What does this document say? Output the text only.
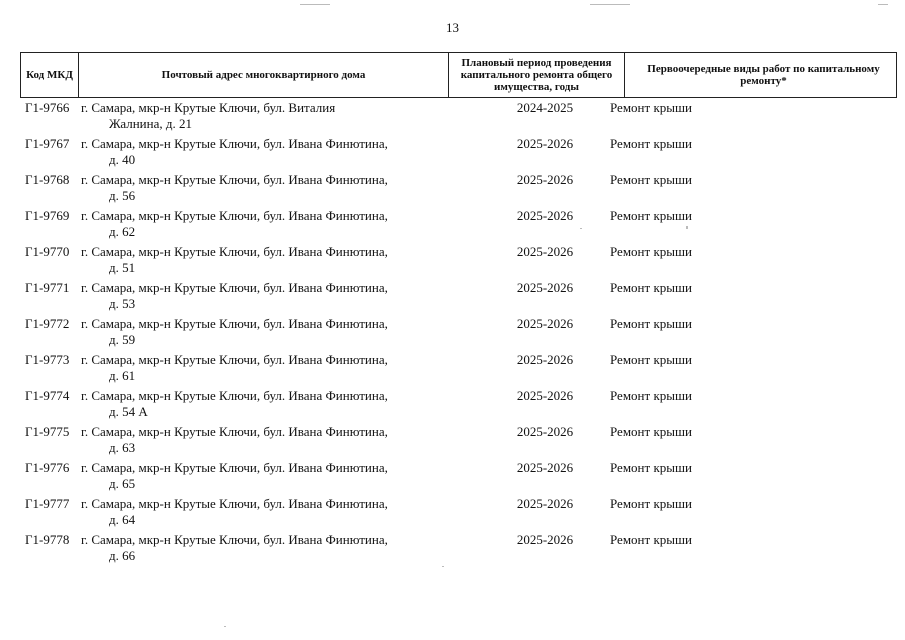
13
Код МКД	Почтовый адрес многоквартирного дома
Плановый период проведения капитального ремонта общего имущества, годы
Первоочередные виды работ по капитальному ремонту*
Г1-9766 г. Самара, мкр-н Крутые Ключи, бул. Виталия
Жалнина, д. 21
2024-2025	Ремонт крыши
Г1-9767 г. Самара, мкр-н Крутые Ключи, бул. Ивана Финютина,
д. 40
2025-2026	Ремонт крыши
Г1-9768 г. Самара, мкр-н Крутые Ключи, бул. Ивана Финютина,
д. 56
2025-2026	Ремонт крыши
Г1-9769 г. Самара, мкр-н Крутые Ключи, бул. Ивана Финютина,
д. 62
2025-2026	Ремонт крыши
Г1-9770 г. Самара, мкр-н Крутые Ключи, бул. Ивана Финютина,
д. 51
2025-2026	Ремонт крыши
Г1-9771 г. Самара, мкр-н Крутые Ключи, бул. Ивана Финютина,
д. 53
2025-2026	Ремонт крыши
Г1-9772 г. Самара, мкр-н Крутые Ключи, бул. Ивана Финютина,
д. 59
2025-2026	Ремонт крыши
Г1-9773 г. Самара, мкр-н Крутые Ключи, бул. Ивана Финютина,
д. 61
2025-2026	Ремонт крыши
Г1-9774 г. Самара, мкр-н Крутые Ключи, бул. Ивана Финютина,
д. 54 А
2025-2026	Ремонт крыши
Г1-9775 г. Самара, мкр-н Крутые Ключи, бул. Ивана Финютина,
д. 63
2025-2026	Ремонт крыши
Г1-9776 г. Самара, мкр-н Крутые Ключи, бул. Ивана Финютина,
д. 65
2025-2026	Ремонт крыши
Г1-9777 г. Самара, мкр-н Крутые Ключи, бул. Ивана Финютина,
д. 64
2025-2026	Ремонт крыши
Г1-9778 г. Самара, мкр-н Крутые Ключи, бул. Ивана Финютина,
д. 66
2025-2026	Ремонт крыши
